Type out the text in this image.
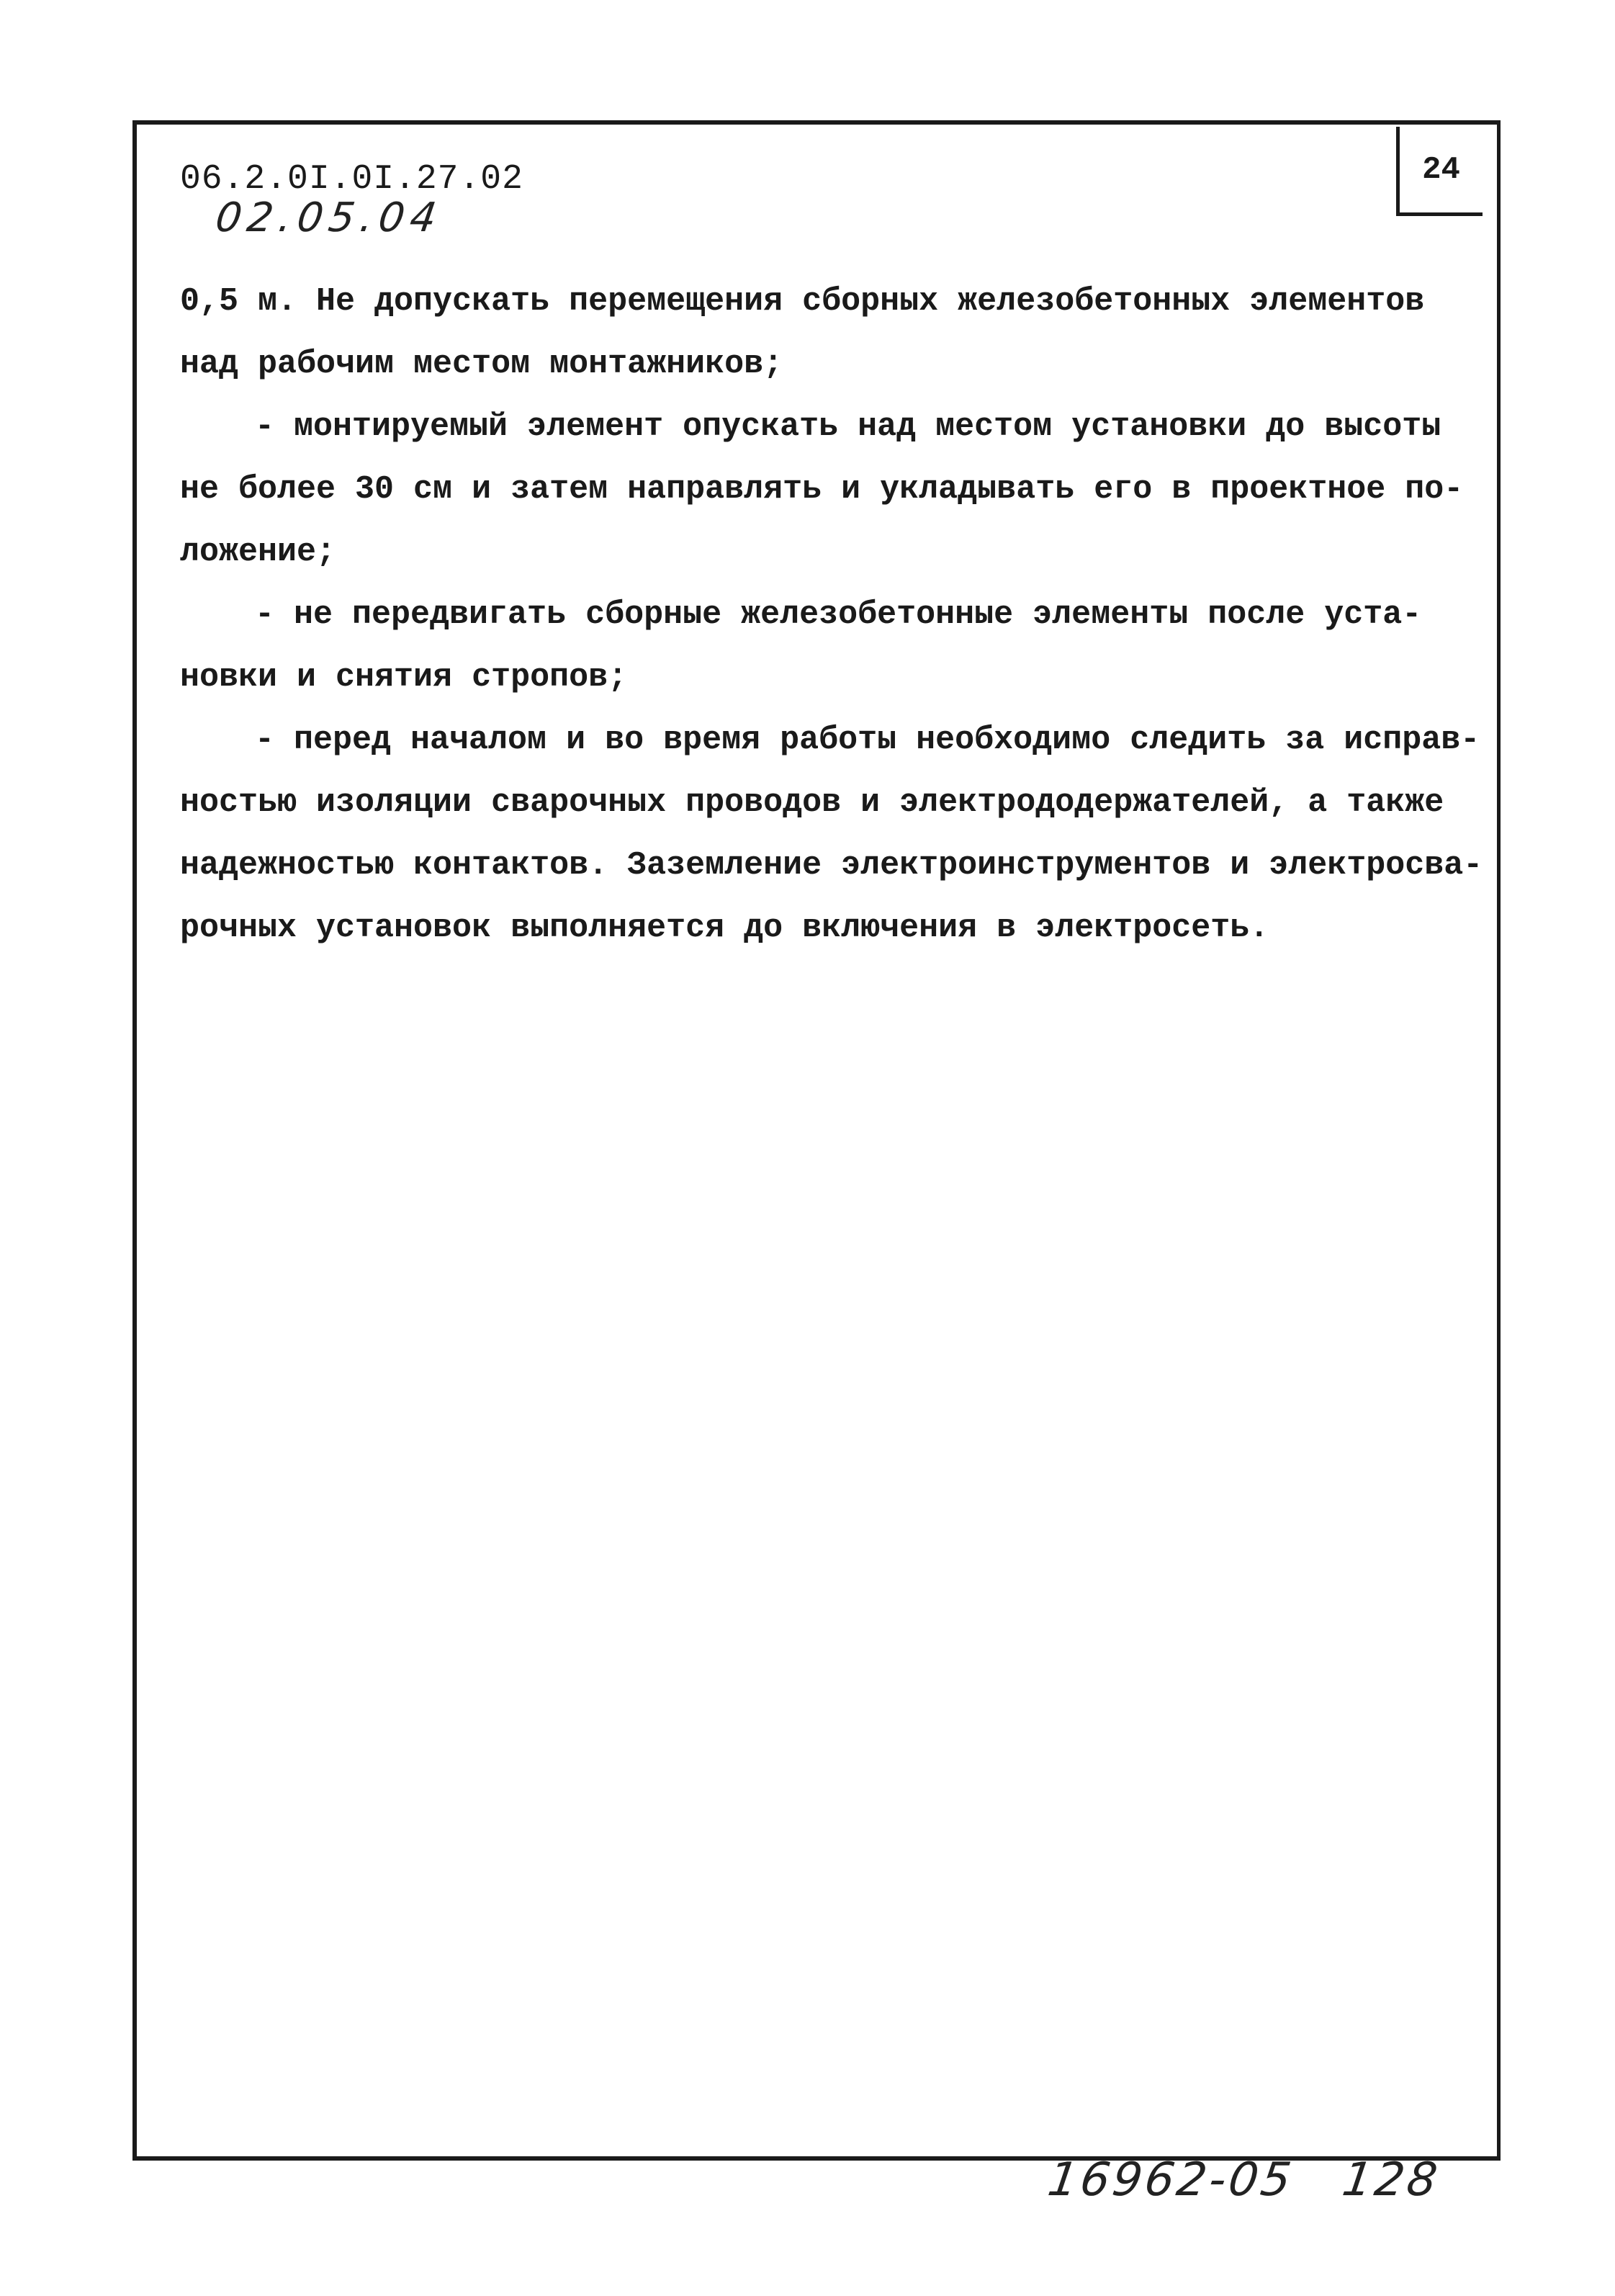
24
06.2.0I.0I.27.02
02.05.04

0,5 м. Не допускать перемещения сборных железобетонных элементов

над рабочим местом монтажников;

- монтируемый элемент опускать над местом установки до высоты

не более 30 см и затем направлять и укладывать его в проектное по-

ложение;

- не передвигать сборные железобетонные элементы после уста-

новки и снятия стропов;

- перед началом и во время работы необходимо следить за исправ-

ностью изоляции сварочных проводов и электрододержателей, а также

надежностью контактов. Заземление электроинструментов и электросва-

рочных установок выполняется до включения в электросеть.

16962-05 128
